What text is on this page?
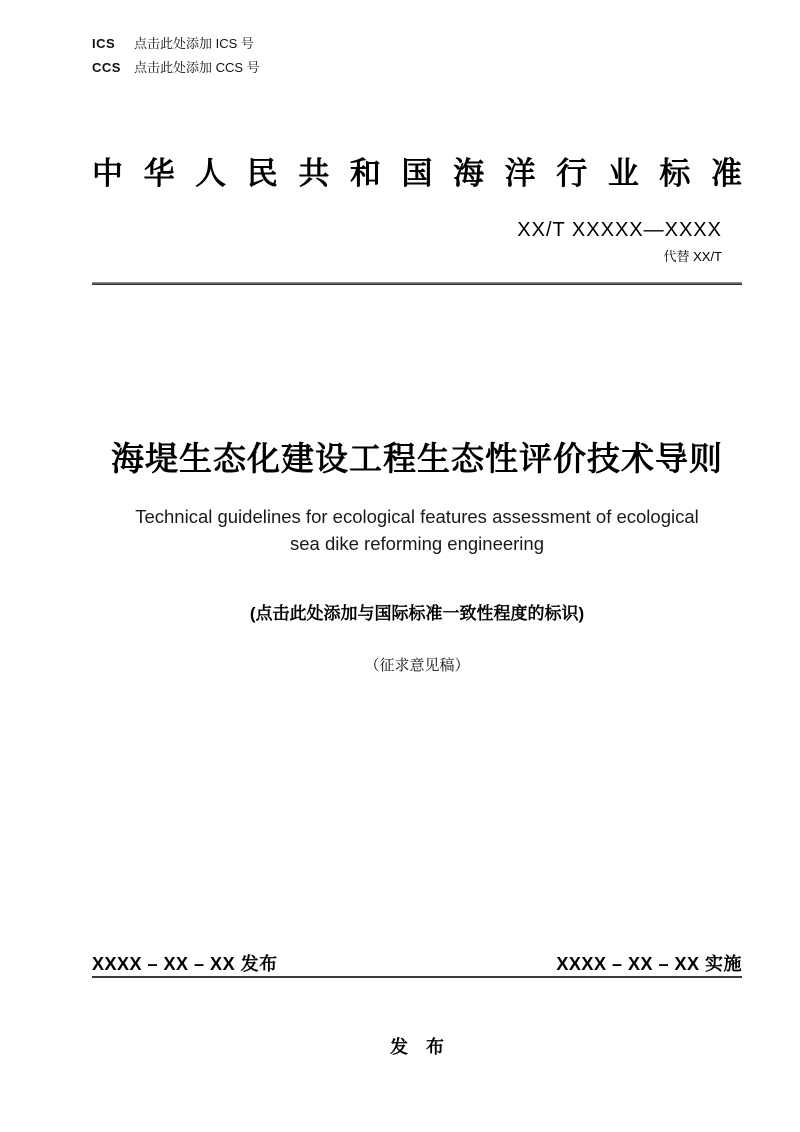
ICS	点击此处添加 ICS 号
CCS	点击此处添加 CCS 号
中 华 人 民 共 和 国 海 洋 行 业 标 准
XX/T XXXXX—XXXX
代替 XX/T
海堤生态化建设工程生态性评价技术导则
Technical guidelines for ecological features assessment of ecological
sea dike reforming engineering
(点击此处添加与国际标准一致性程度的标识)
（征求意见稿）
XXXX – XX – XX 发布	XXXX – XX – XX 实施
发　布
